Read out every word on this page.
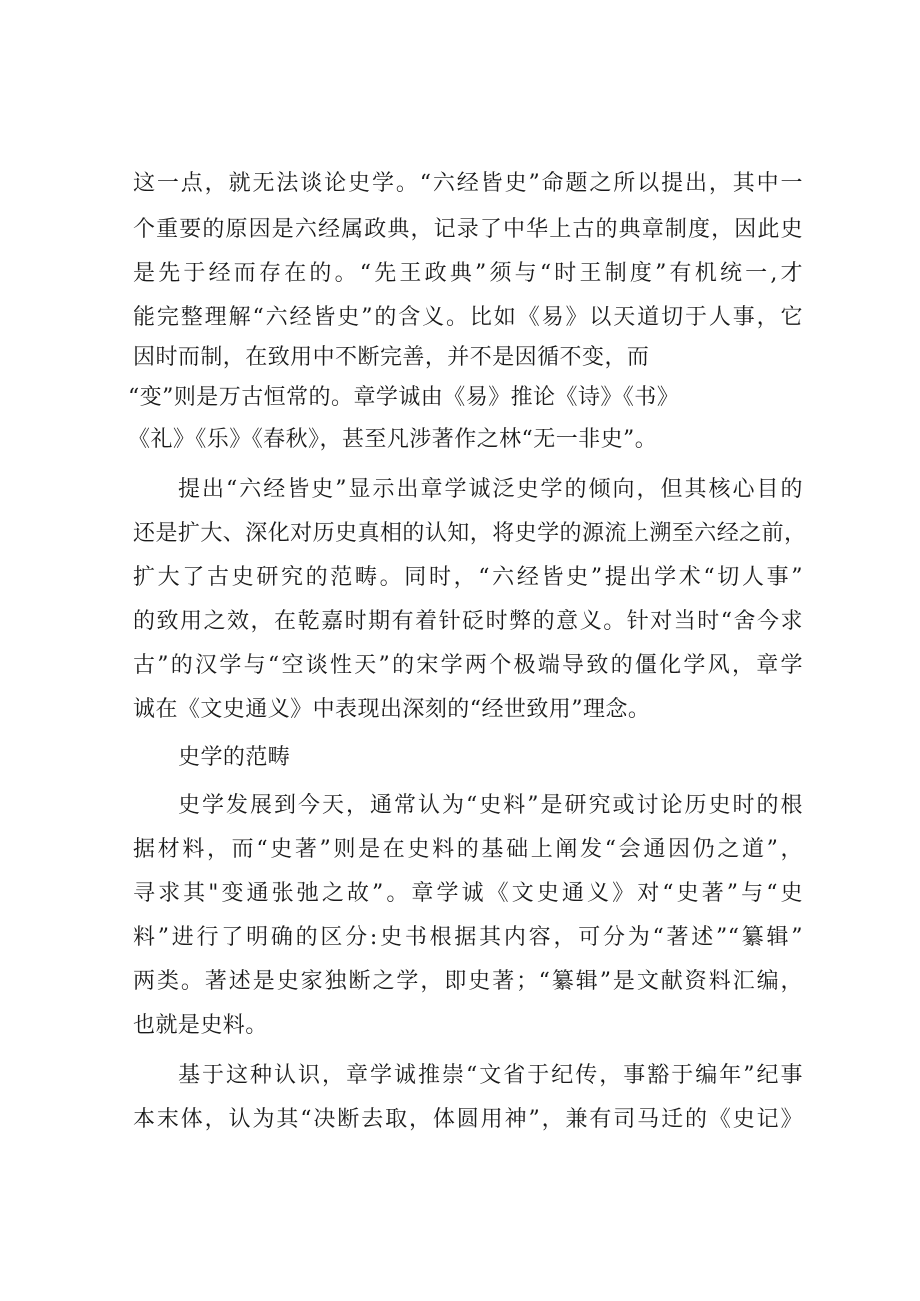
这一点，就无法谈论史学。“六经皆史”命题之所以提出，其中一
个重要的原因是六经属政典，记录了中华上古的典章制度，因此史
是先于经而存在的。“先王政典”须与“时王制度”有机统一,才
能完整理解“六经皆史”的含义。比如《易》以天道切于人事，它
因时而制，在致用中不断完善，并不是因循不变，而
“变”则是万古恒常的。章学诚由《易》推论《诗》《书》
《礼》《乐》《春秋》，甚至凡涉著作之林“无一非史”。
提出“六经皆史”显示出章学诚泛史学的倾向，但其核心目的
还是扩大、深化对历史真相的认知，将史学的源流上溯至六经之前，
扩大了古史研究的范畴。同时，“六经皆史”提出学术“切人事”
的致用之效，在乾嘉时期有着针砭时弊的意义。针对当时“舍今求
古”的汉学与“空谈性天”的宋学两个极端导致的僵化学风，章学
诚在《文史通义》中表现出深刻的“经世致用”理念。
史学的范畴
史学发展到今天，通常认为“史料”是研究或讨论历史时的根
据材料，而“史著”则是在史料的基础上阐发“会通因仍之道”，
寻求其"变通张弛之故”。章学诚《文史通义》对“史著”与“史
料”进行了明确的区分:史书根据其内容，可分为“著述”“纂辑”
两类。著述是史家独断之学，即史著；“纂辑”是文献资料汇编，
也就是史料。
基于这种认识，章学诚推崇“文省于纪传，事豁于编年”纪事
本末体，认为其“决断去取，体圆用神”，兼有司马迁的《史记》
